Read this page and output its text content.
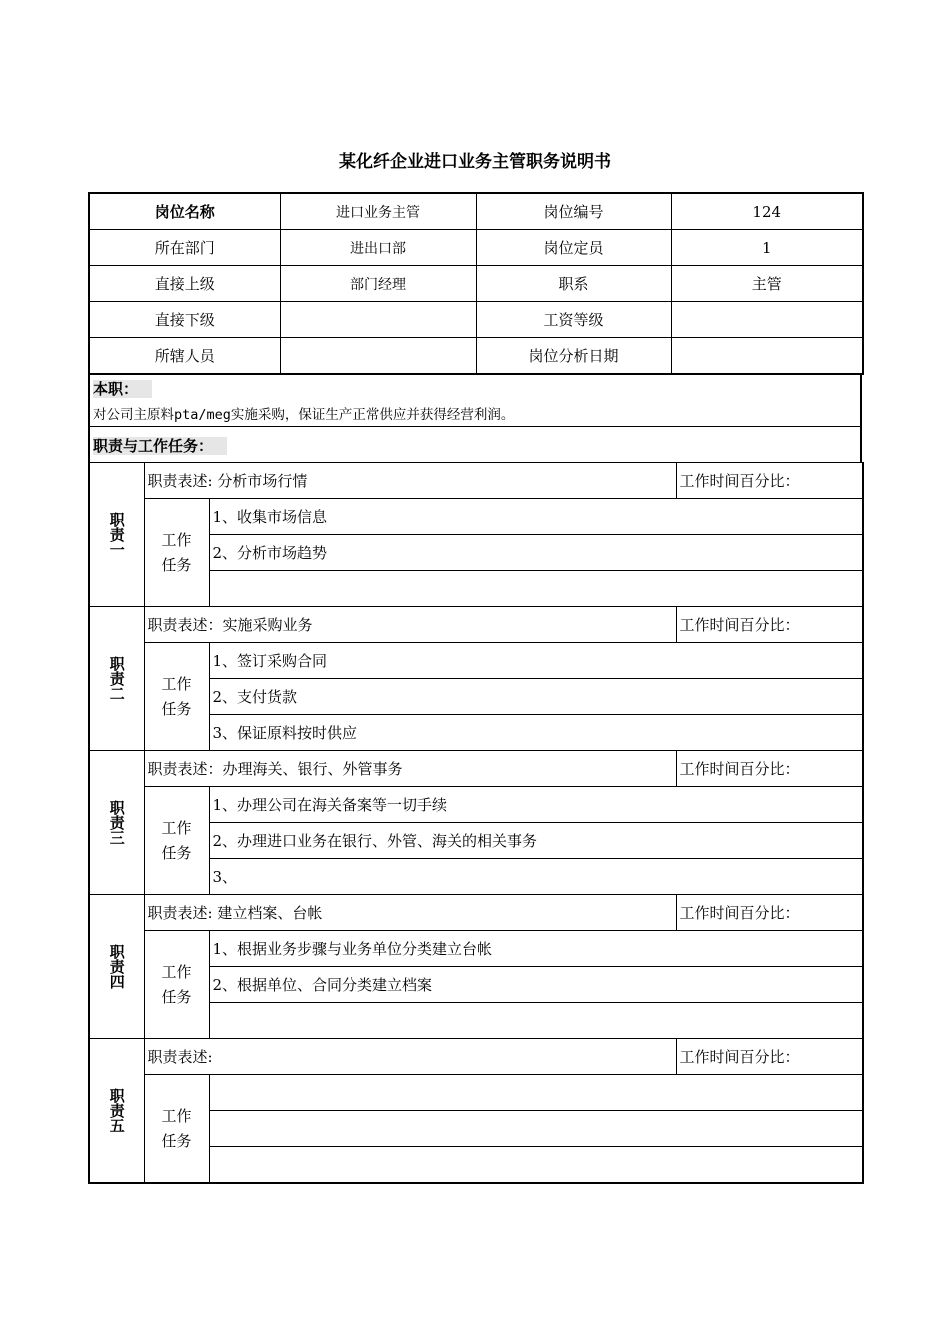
某化纤企业进口业务主管职务说明书
岗位名称	进口业务主管	岗位编号	124
所在部门	进出口部	岗位定员	1
直接上级	部门经理	职系	主管
直接下级		工资等级	
所辖人员		岗位分析日期	
本职：
对公司主原料pta/meg实施采购，保证生产正常供应并获得经营利润。
职责与工作任务：
职责一	职责表述: 分析市场行情		工作时间百分比：
	工作任务	1、收集市场信息	
		2、分析市场趋势	

职责二	职责表述：实施采购业务		工作时间百分比：
	工作任务	1、签订采购合同	
		2、支付货款	
		3、保证原料按时供应	
职责三	职责表述：办理海关、银行、外管事务		工作时间百分比：
	工作任务	1、办理公司在海关备案等一切手续	
		2、办理进口业务在银行、外管、海关的相关事务	
		3、	
职责四	职责表述: 建立档案、台帐		工作时间百分比：
	工作任务	1、根据业务步骤与业务单位分类建立台帐	
		2、根据单位、合同分类建立档案	

职责五	职责表述:		工作时间百分比：
	工作任务		
